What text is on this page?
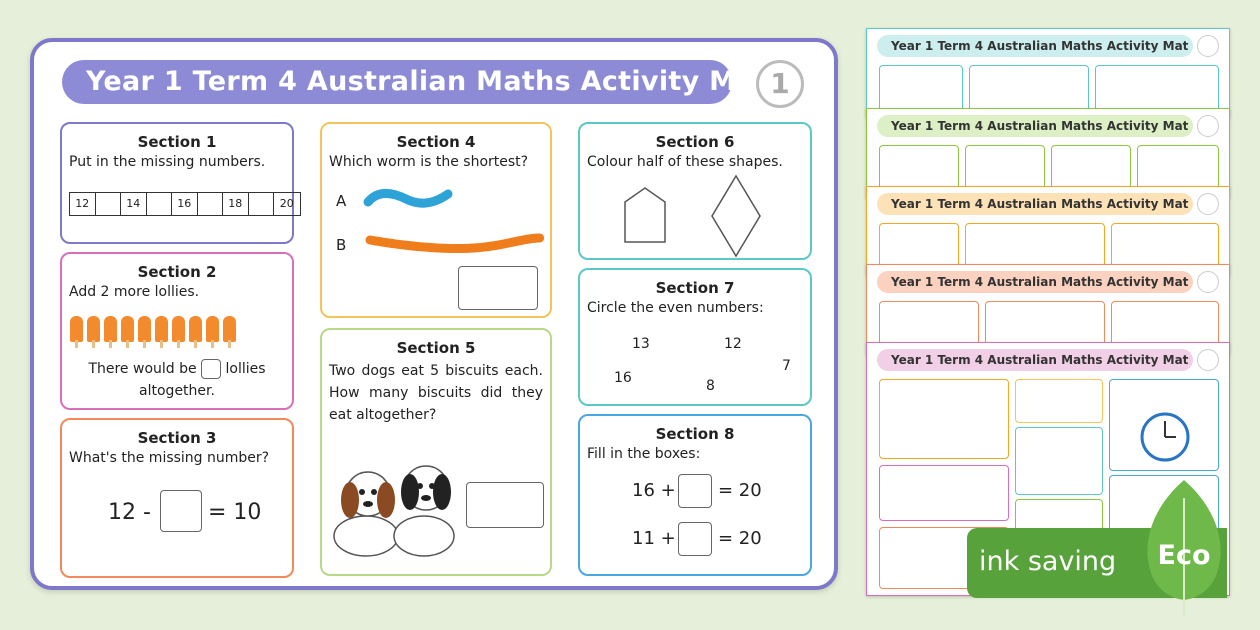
Year 1 Term 4 Australian Maths Activity Mat 1
Section 1
Put in the missing numbers.
12	14	16	18	20
Section 2
Add 2 more lollies.
There would be lollies altogether.
Section 3
What's the missing number?
12 -	= 10
Section 4
Which worm is the shortest?
A
B
Section 5
Two dogs eat 5 biscuits each. How many biscuits did they eat altogether?
Section 6
Colour half of these shapes.
Section 7
Circle the even numbers:
13	12
7
16	8
Section 8
Fill in the boxes:
16 + = 20
11 + = 20
Year 1 Term 4 Australian Maths Activity Mat
Year 1 Term 4 Australian Maths Activity Mat
Year 1 Term 4 Australian Maths Activity Mat
Year 1 Term 4 Australian Maths Activity Mat
Year 1 Term 4 Australian Maths Activity Mat
ink saving	Eco
